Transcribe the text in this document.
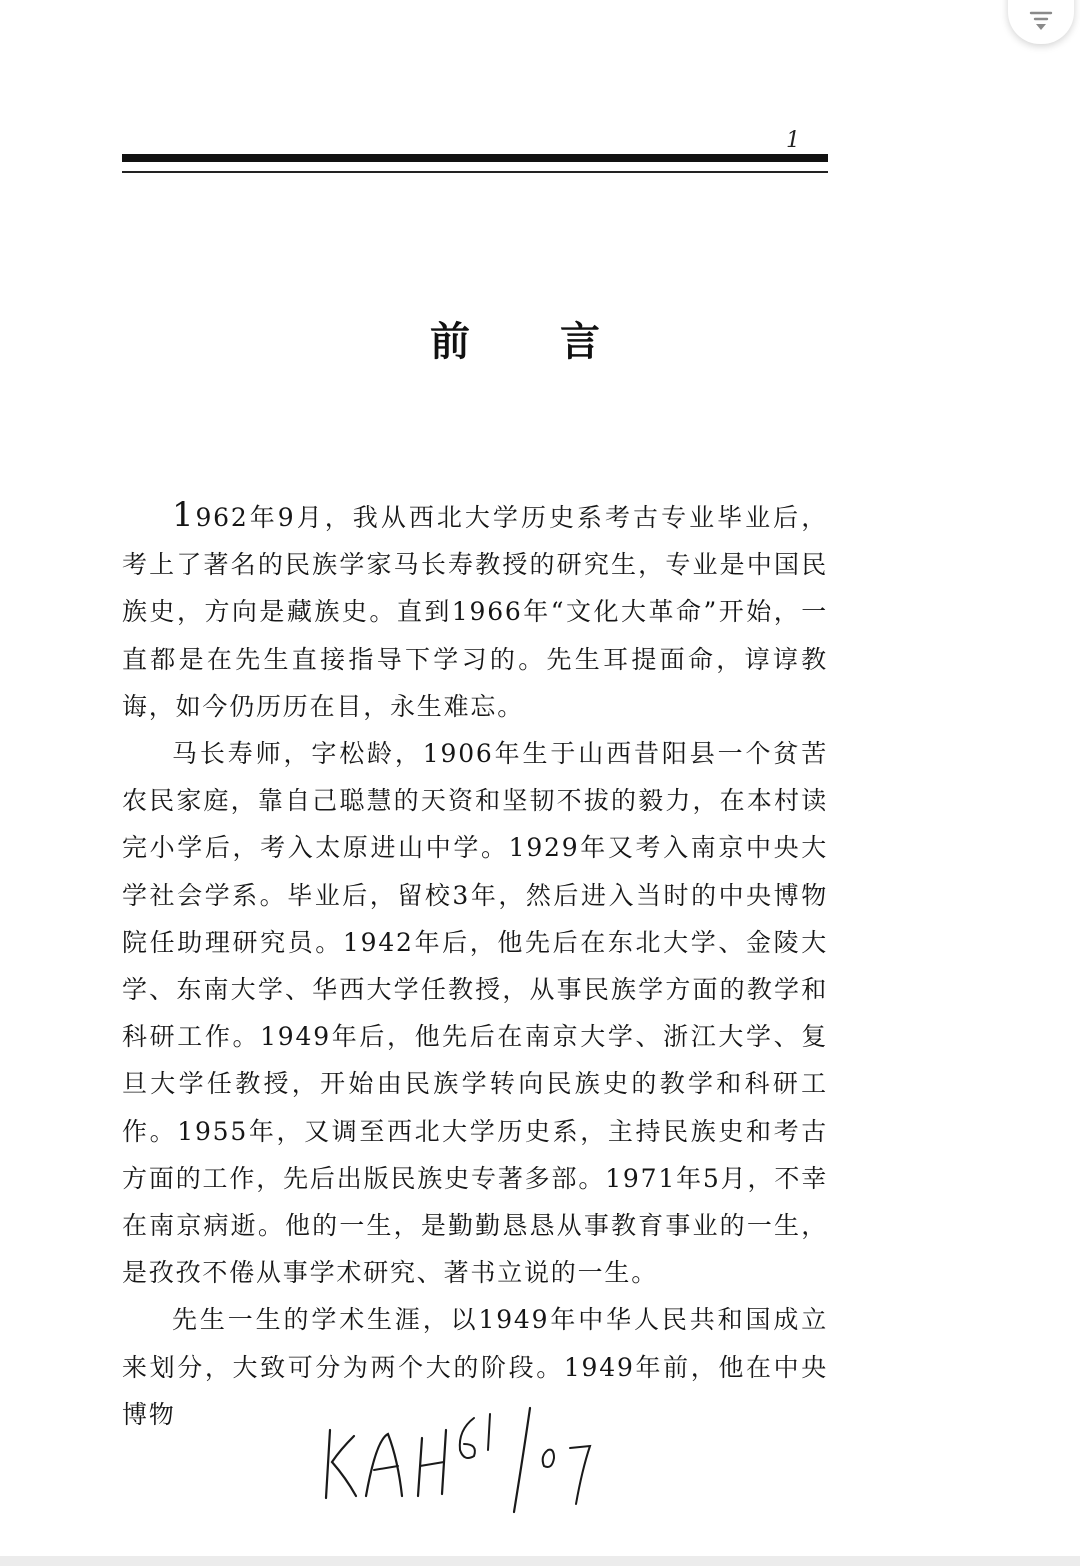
1
前言

1962年9月，我从西北大学历史系考古专业毕业后，考上了著名的民族学家马长寿教授的研究生，专业是中国民族史，方向是藏族史。直到1966年“文化大革命”开始，一直都是在先生直接指导下学习的。先生耳提面命，谆谆教诲，如今仍历历在目，永生难忘。

马长寿师，字松龄，1906年生于山西昔阳县一个贫苦农民家庭，靠自己聪慧的天资和坚韧不拔的毅力，在本村读完小学后，考入太原进山中学。1929年又考入南京中央大学社会学系。毕业后，留校3年，然后进入当时的中央博物院任助理研究员。1942年后，他先后在东北大学、金陵大学、东南大学、华西大学任教授，从事民族学方面的教学和科研工作。1949年后，他先后在南京大学、浙江大学、复旦大学任教授，开始由民族学转向民族史的教学和科研工作。1955年，又调至西北大学历史系，主持民族史和考古方面的工作，先后出版民族史专著多部。1971年5月，不幸在南京病逝。他的一生，是勤勤恳恳从事教育事业的一生，是孜孜不倦从事学术研究、著书立说的一生。

先生一生的学术生涯，以1949年中华人民共和国成立来划分，大致可分为两个大的阶段。1949年前，他在中央博物
